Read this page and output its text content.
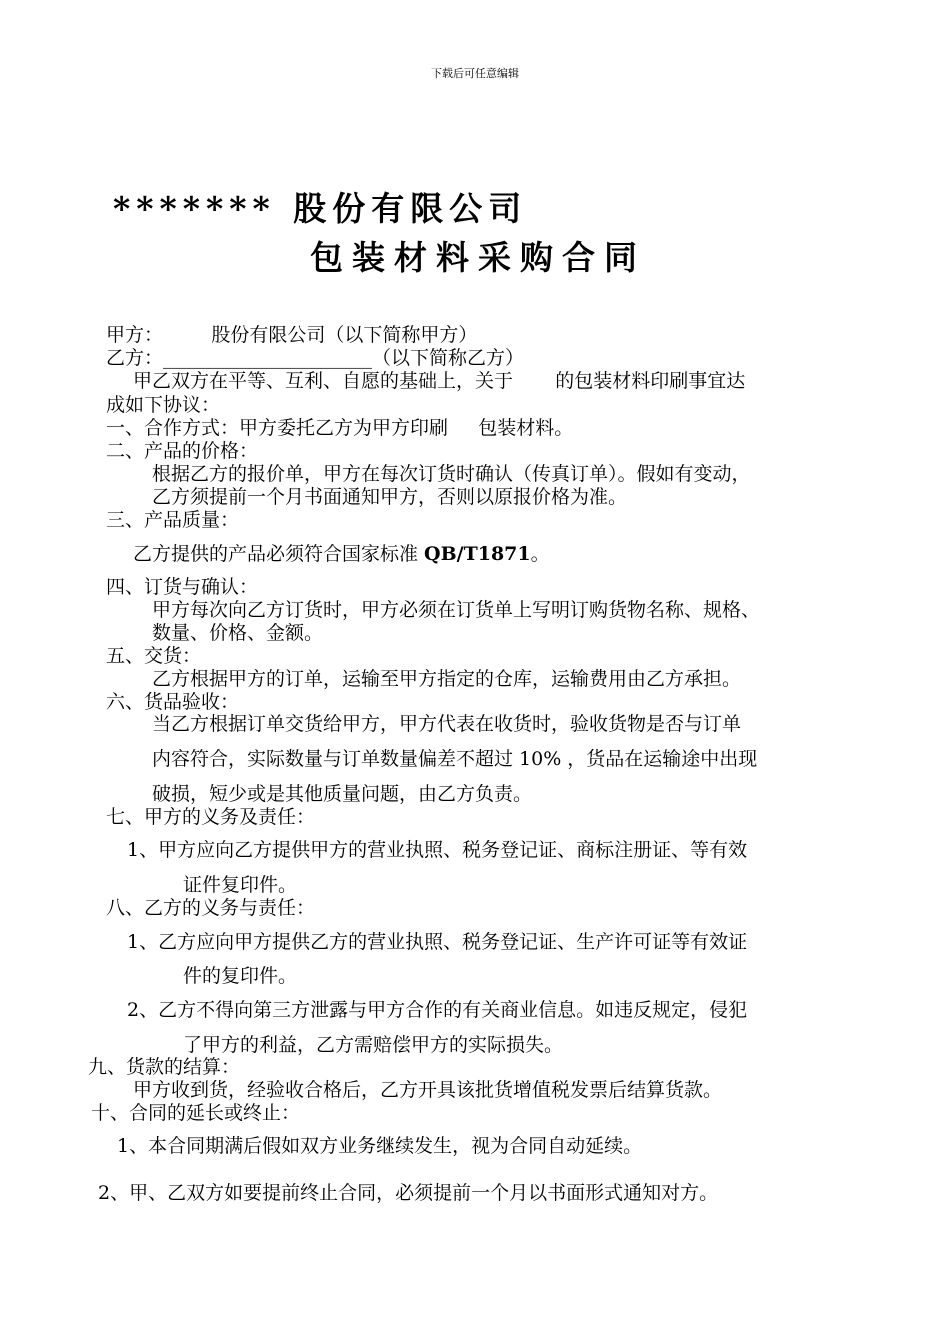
下载后可任意编辑
******* 股份有限公司
包装材料采购合同
甲方：        股份有限公司（以下简称甲方）
乙方：______________________（以下简称乙方）
甲乙双方在平等、互利、自愿的基础上，关于       的包装材料印刷事宜达
成如下协议：
一、合作方式：甲方委托乙方为甲方印刷     包装材料。
二、产品的价格：
根据乙方的报价单，甲方在每次订货时确认（传真订单）。假如有变动，
乙方须提前一个月书面通知甲方，否则以原报价格为准。
三、产品质量：
乙方提供的产品必须符合国家标准 QB/T1871。
四、订货与确认：
甲方每次向乙方订货时，甲方必须在订货单上写明订购货物名称、规格、
数量、价格、金额。
五、交货：
乙方根据甲方的订单，运输至甲方指定的仓库，运输费用由乙方承担。
六、货品验收：
当乙方根据订单交货给甲方，甲方代表在收货时，验收货物是否与订单
内容符合，实际数量与订单数量偏差不超过 10% ，货品在运输途中出现
破损，短少或是其他质量问题，由乙方负责。
七、甲方的义务及责任：
1、甲方应向乙方提供甲方的营业执照、税务登记证、商标注册证、等有效
证件复印件。
八、乙方的义务与责任：
1、乙方应向甲方提供乙方的营业执照、税务登记证、生产许可证等有效证
件的复印件。
2、乙方不得向第三方泄露与甲方合作的有关商业信息。如违反规定，侵犯
了甲方的利益，乙方需赔偿甲方的实际损失。
九、货款的结算：
甲方收到货，经验收合格后，乙方开具该批货增值税发票后结算货款。
十、合同的延长或终止：
1、本合同期满后假如双方业务继续发生，视为合同自动延续。
2、甲、乙双方如要提前终止合同，必须提前一个月以书面形式通知对方。
